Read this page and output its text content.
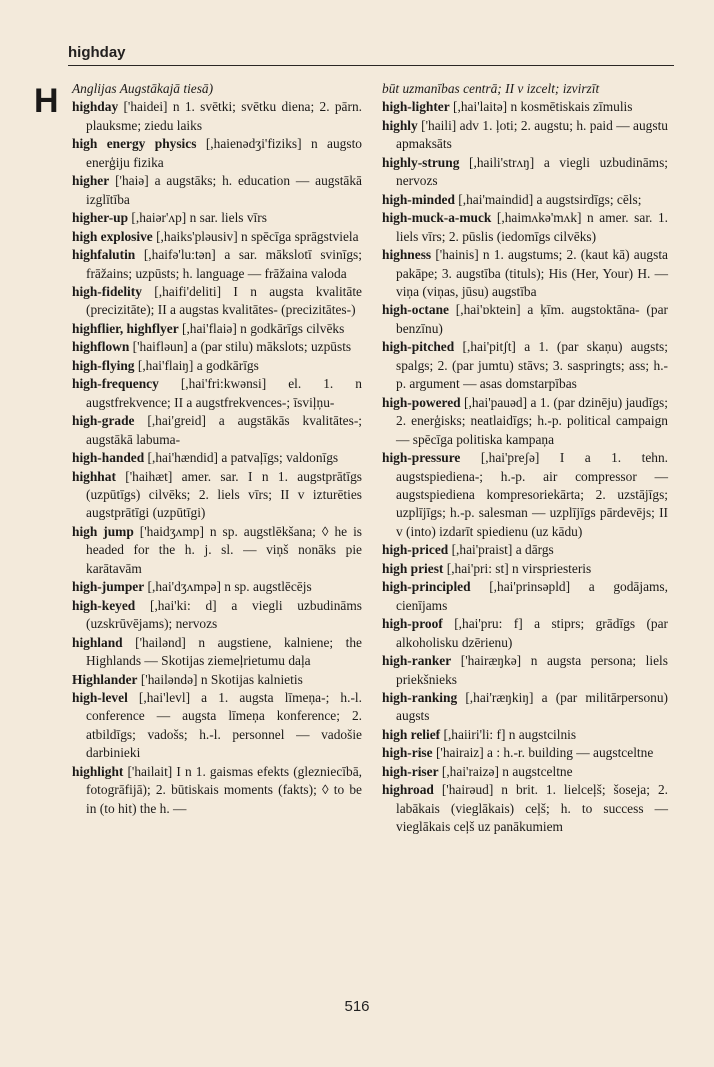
highday
H Anglijas Augstākajā tiesā)
highday ['haidei] n 1. svētki; svētku diena; 2. pārn. plauksme; ziedu laiks
high energy physics [,haienədʒi'fiziks] n augsto enerģiju fizika
higher ['haiə] a augstāks; h. education — augstākā izglītība
higher-up [,haiər'ʌp] n sar. liels vīrs
high explosive [,haiks'pləusiv] n spēcīga sprāgstviela
highfalutin [,haifə'lu:tən] a sar. mākslotī svinīgs; frāžains; uzpūsts; h. language — frāžaina valoda
high-fidelity [,haifi'deliti] I n augsta kvalitāte (precizitāte); II a augstas kvalitātes- (precizitātes-)
highflier, highflyer [,hai'flaiə] n godkārīgs cilvēks
highflown ['haifləun] a (par stilu) mākslots; uzpūsts
high-flying [,hai'flaiŋ] a godkārīgs
high-frequency [,hai'fri:kwənsi] el. 1. n augstfrekvence; II a augstfrekvences-; īsviļņu-
high-grade [,hai'greid] a augstākās kvalitātes-; augstākā labuma-
high-handed [,hai'hændid] a patvaļīgs; valdonīgs
highhat ['haihæt] amer. sar. I n 1. augstprātīgs (uzpūtīgs) cilvēks; 2. liels vīrs; II v izturēties augstprātīgi (uzpūtīgi)
high jump ['haidʒʌmp] n sp. augstlēkšana; ◊ he is headed for the h. j. sl. — viņš nonāks pie karātavām
high-jumper [,hai'dʒʌmpə] n sp. augstlēcējs
high-keyed [,hai'ki: d] a viegli uzbudināms (uzskrūvējams); nervozs
highland ['hailənd] n augstiene, kalniene; the Highlands — Skotijas ziemeļrietumu daļa
Highlander ['hailəndə] n Skotijas kalnietis
high-level [,hai'levl] a 1. augsta līmeņa-; h.-l. conference — augsta līmeņa konference; 2. atbildīgs; vadošs; h.-l. personnel — vadošie darbinieki
highlight ['hailait] I n 1. gaismas efekts (glezniecībā, fotogrāfijā); 2. būtiskais moments (fakts); ◊ to be in (to hit) the h. —
būt uzmanības centrā; II v izcelt; izvirzīt
high-lighter [,hai'laitə] n kosmētiskais zīmulis
highly ['haili] adv 1. ļoti; 2. augstu; h. paid — augstu apmaksāts
highly-strung [,haili'strʌŋ] a viegli uzbudināms; nervozs
high-minded [,hai'maindid] a augstsirdīgs; cēls;
high-muck-a-muck [,haimʌkə'mʌk] n amer. sar. 1. liels vīrs; 2. pūslis (iedomīgs cilvēks)
highness ['hainis] n 1. augstums; 2. (kaut kā) augsta pakāpe; 3. augstība (tituls); His (Her, Your) H. — viņa (viņas, jūsu) augstība
high-octane [,hai'ɒktein] a ķīm. augstoktāna- (par benzīnu)
high-pitched [,hai'pitʃt] a 1. (par skaņu) augsts; spalgs; 2. (par jumtu) stāvs; 3. saspringts; ass; h.-p. argument — asas domstarpības
high-powered [,hai'pauəd] a 1. (par dzinēju) jaudīgs; 2. enerģisks; neatlaidīgs; h.-p. political campaign — spēcīga politiska kampaņa
high-pressure [,hai'preʃə] I a 1. tehn. augstspiediena-; h.-p. air compressor — augstspiediena kompresoriekārta; 2. uzstājīgs; uzplījīgs; h.-p. salesman — uzplījīgs pārdevējs; II v (into) izdarīt spiedienu (uz kādu)
high-priced [,hai'praist] a dārgs
high priest [,hai'pri: st] n virspriesteris
high-principled [,hai'prinsəpld] a godājams, cienījams
high-proof [,hai'pru: f] a stiprs; grādīgs (par alkoholisku dzērienu)
high-ranker ['hairæŋkə] n augsta persona; liels priekšnieks
high-ranking [,hai'ræŋkiŋ] a (par militārpersonu) augsts
high relief [,haiiri'li: f] n augstcilnis
high-rise ['hairaiz] a : h.-r. building — augstceltne
high-riser [,hai'raizə] n augstceltne
highroad ['hairəud] n brit. 1. lielceļš; šoseja; 2. labākais (vieglākais) ceļš; h. to success — vieglākais ceļš uz panākumiem
516
